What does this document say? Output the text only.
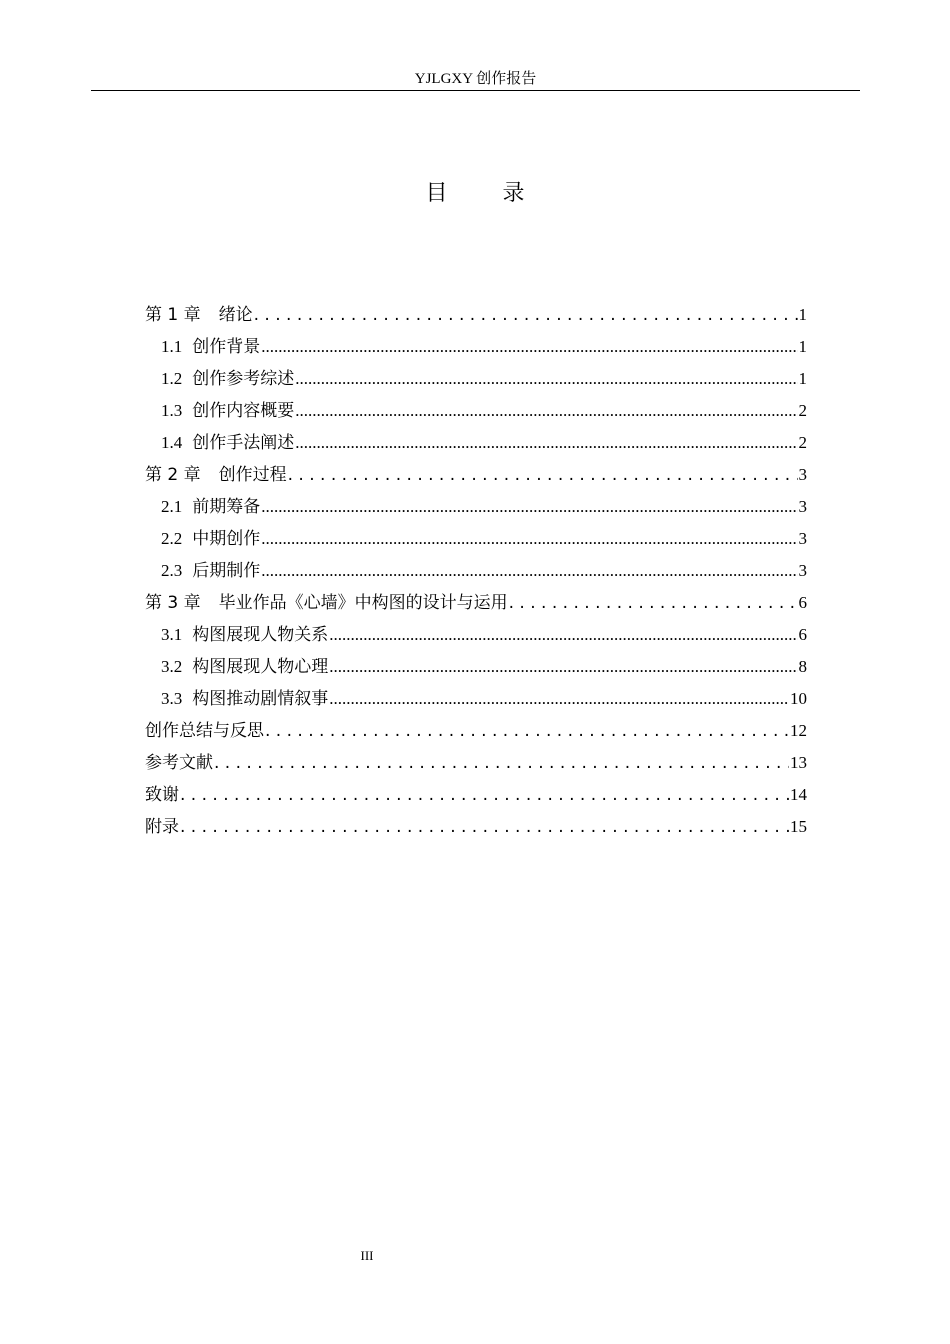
YJLGXY 创作报告
目 录
第 1 章 绪论 . . .	1
1.1 创作背景 .....	1
1.2 创作参考综述 .....	1
1.3 创作内容概要 .....	2
1.4 创作手法阐述 .....	2
第 2 章 创作过程 . . .	3
2.1 前期筹备 .....	3
2.2 中期创作 .....	3
2.3 后期制作 .....	3
第 3 章 毕业作品《心墙》中构图的设计与运用 . . .	6
3.1 构图展现人物关系 .....	6
3.2 构图展现人物心理 .....	8
3.3 构图推动剧情叙事 .....	10
创作总结与反思 . . .	12
参考文献 . . .	13
致谢 . . .	14
附录 . . .	15
III
